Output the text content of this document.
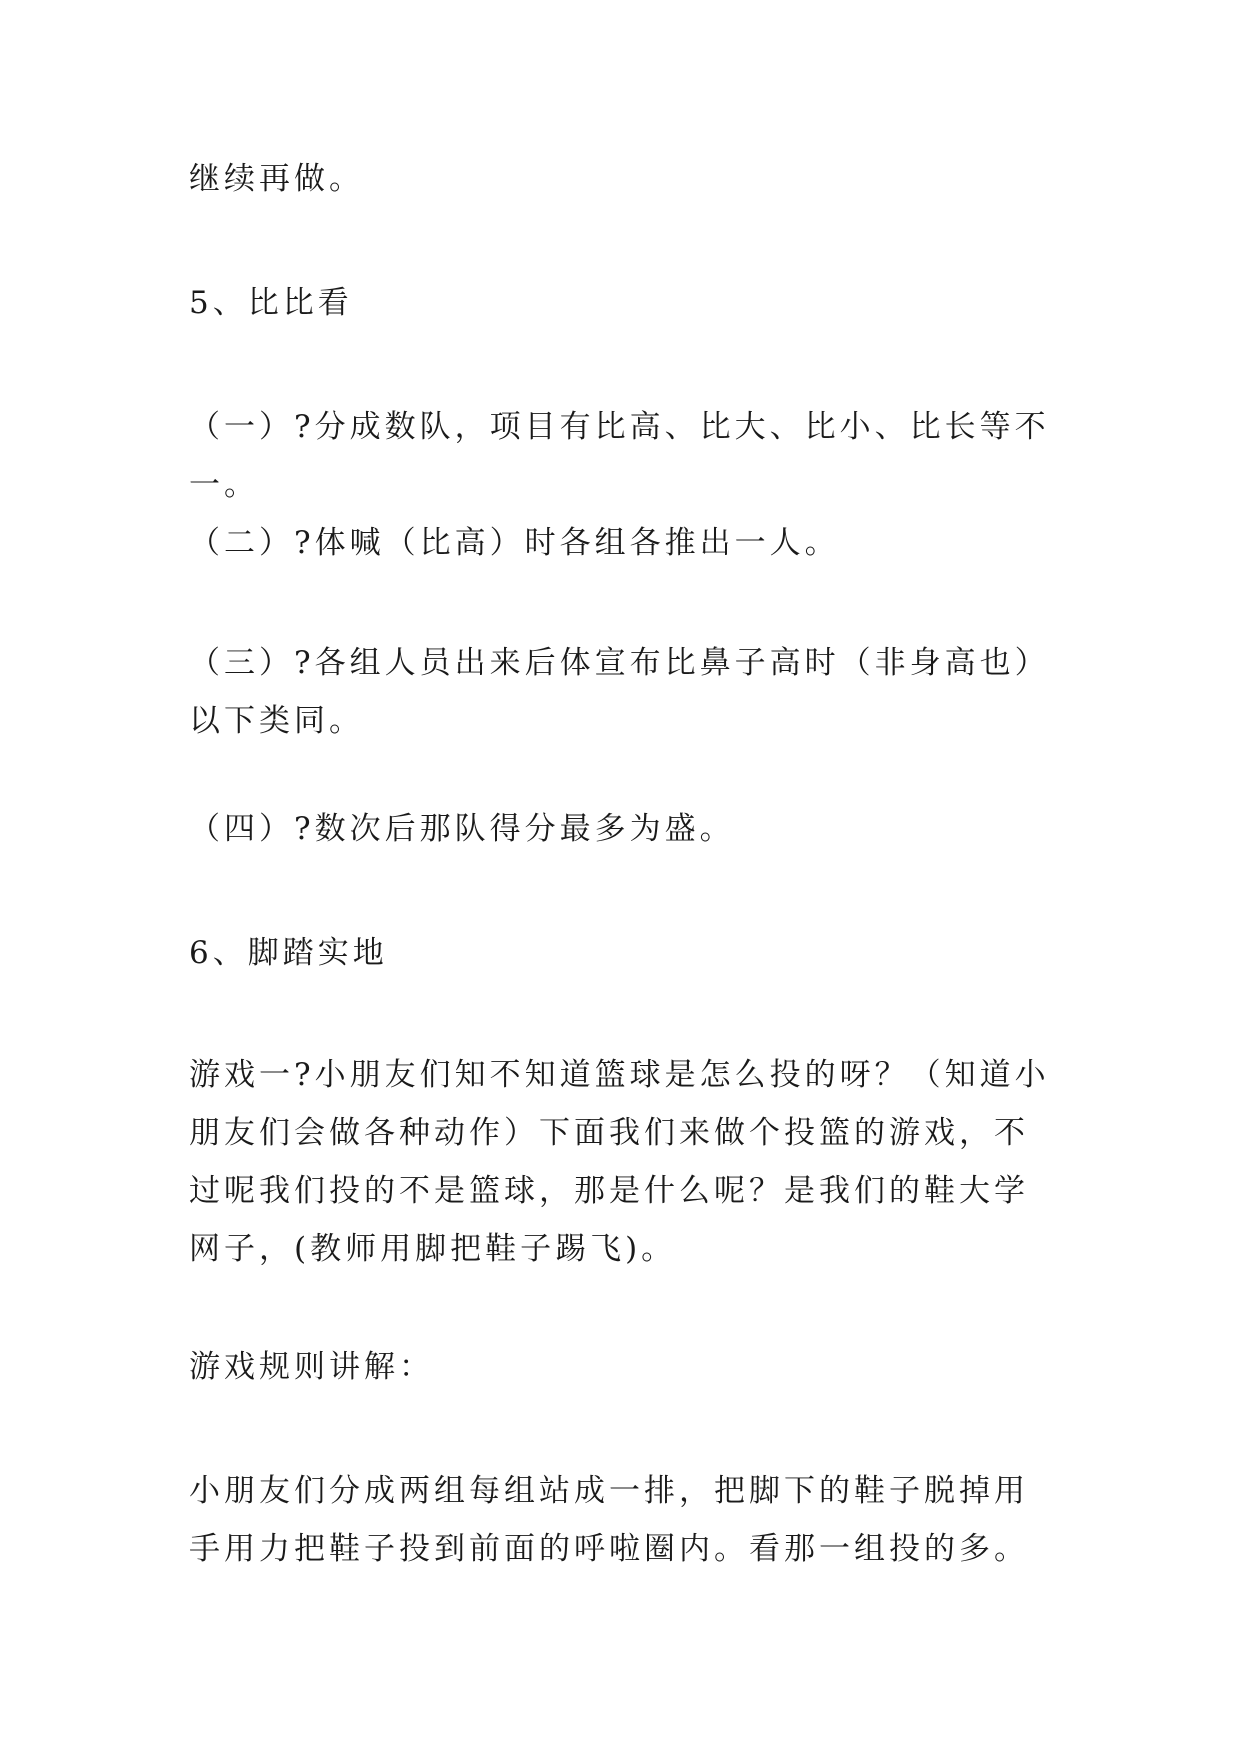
继续再做。

5、比比看

（一）?分成数队，项目有比高、比大、比小、比长等不一。

（二）?体喊（比高）时各组各推出一人。

（三）?各组人员出来后体宣布比鼻子高时（非身高也）以下类同。

（四）?数次后那队得分最多为盛。

6、脚踏实地

游戏一?小朋友们知不知道篮球是怎么投的呀？（知道小朋友们会做各种动作）下面我们来做个投篮的游戏，不过呢我们投的不是篮球，那是什么呢？是我们的鞋大学网子，(教师用脚把鞋子踢飞)。

游戏规则讲解：

小朋友们分成两组每组站成一排，把脚下的鞋子脱掉用手用力把鞋子投到前面的呼啦圈内。看那一组投的多。
